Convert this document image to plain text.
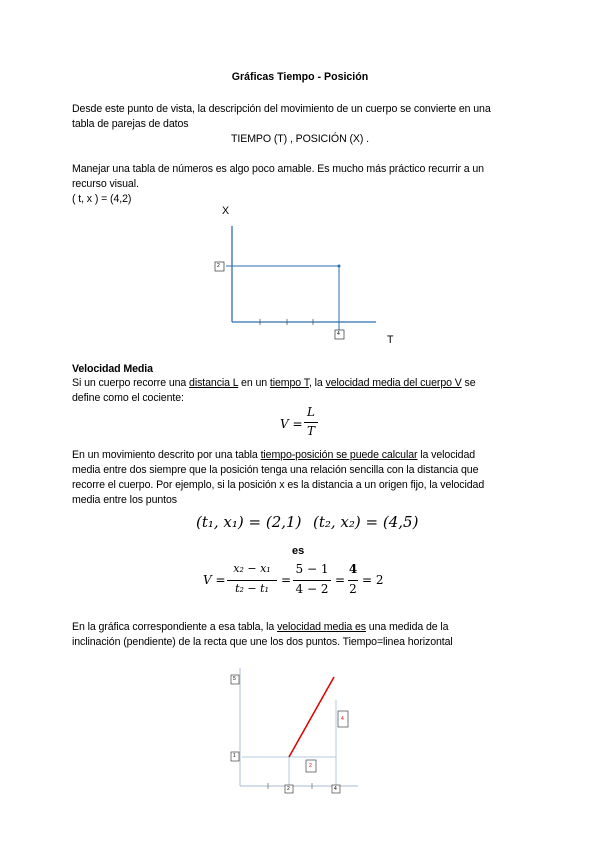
Gráficas Tiempo - Posición
Desde este punto de vista, la descripción del movimiento de un cuerpo se convierte en una
tabla de parejas de datos
TIEMPO (T) , POSICIÓN (X) .
Manejar una tabla de números es algo poco amable. Es mucho más práctico recurrir a un
recurso visual.
( t, x ) = (4,2)
X
T
2
4
Velocidad Media
Si un cuerpo recorre una distancia L en un tiempo T, la velocidad media del cuerpo V se
define como el cociente:
V =
L
T
En un movimiento descrito por una tabla tiempo-posición se puede calcular la velocidad
media entre dos siempre que la posición tenga una relación sencilla con la distancia que
recorre el cuerpo. Por ejemplo, si la posición x es la distancia a un origen fijo, la velocidad
media entre los puntos
(t₁, x₁) = (2,1) (t₂, x₂) = (4,5)
es
V =
x₂ − x₁
t₂ − t₁
=
5 − 1
4 − 2
=
4
2
= 2
En la gráfica correspondiente a esa tabla, la velocidad media es una medida de la
inclinación (pendiente) de la recta que une los dos puntos. Tiempo=linea horizontal
5
1
2	4
2
4
